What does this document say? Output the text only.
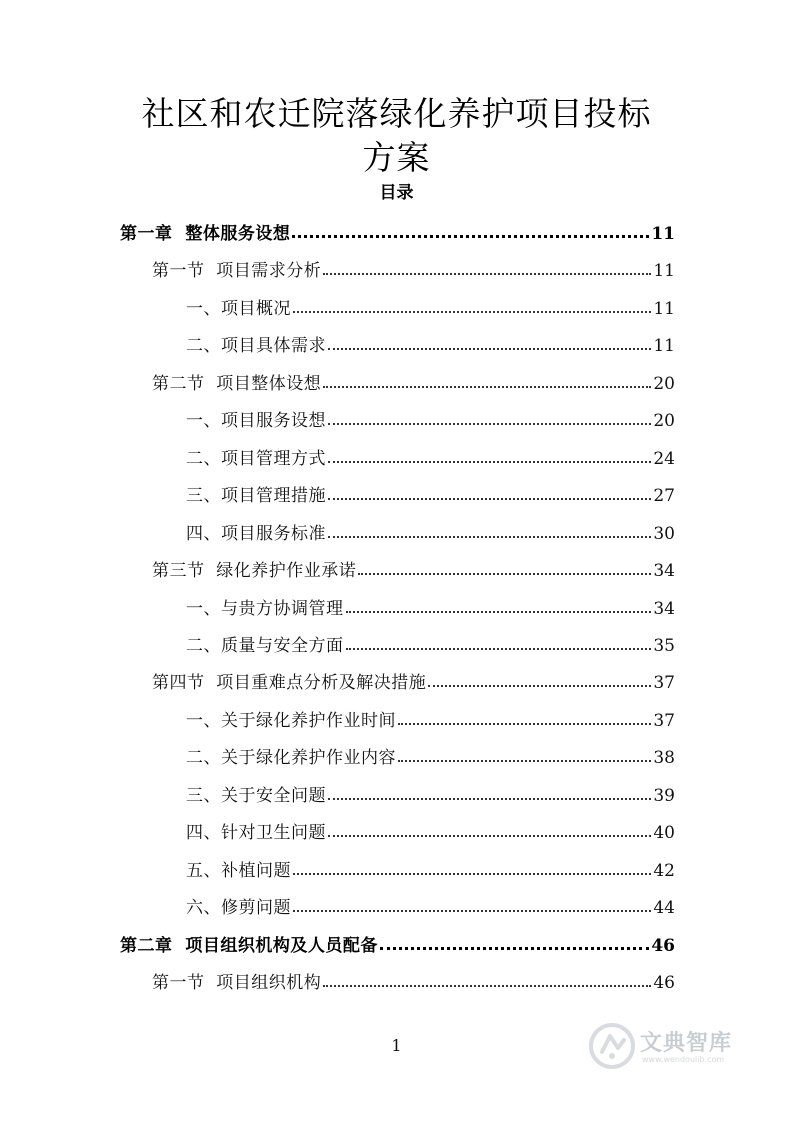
社区和农迁院落绿化养护项目投标
方案
目录
第一章  整体服务设想	11
第一节  项目需求分析	11
一、项目概况	11
二、项目具体需求	11
第二节  项目整体设想	20
一、项目服务设想	20
二、项目管理方式	24
三、项目管理措施	27
四、项目服务标准	30
第三节  绿化养护作业承诺	34
一、与贵方协调管理	34
二、质量与安全方面	35
第四节  项目重难点分析及解决措施	37
一、关于绿化养护作业时间	37
二、关于绿化养护作业内容	38
三、关于安全问题	39
四、针对卫生问题	40
五、补植问题	42
六、修剪问题	44
第二章  项目组织机构及人员配备	46
第一节  项目组织机构	46
1	文典智库
www.wendoulib.com
